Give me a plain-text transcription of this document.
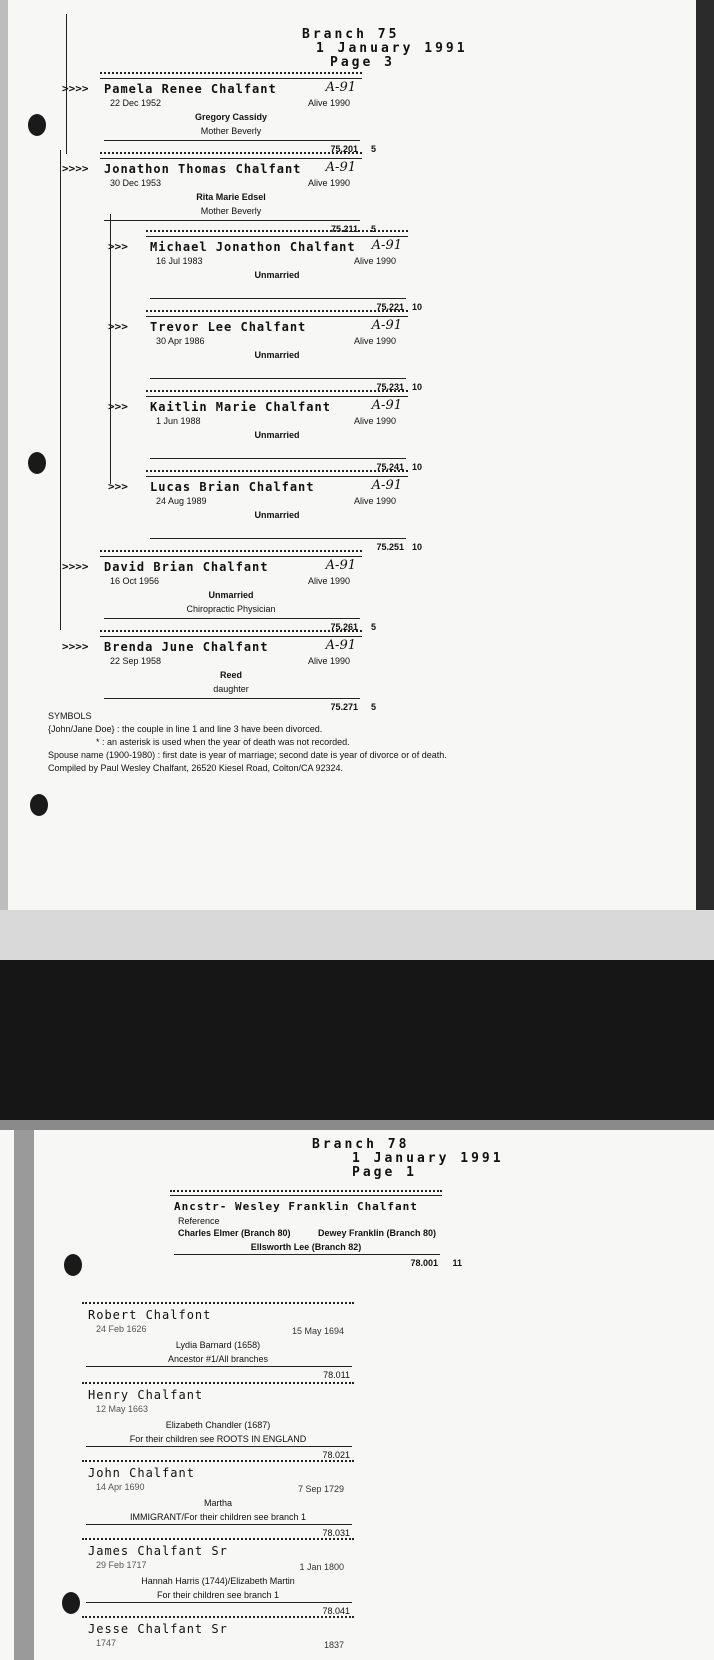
Branch 75
1 January 1991
Page 3
>>>> Pamela Renee Chalfant	A-91
22 Dec 1952	Alive 1990
Gregory Cassidy
Mother Beverly
75.201 5
>>>> Jonathon Thomas Chalfant A-91
30 Dec 1953	Alive 1990
Rita Marie Edsel
Mother Beverly
75.211 5
>>> Michael Jonathon Chalfant A-91
16 Jul 1983	Alive 1990
Unmarried
75.221 10
>>> Trevor Lee Chalfant	A-91
30 Apr 1986	Alive 1990
Unmarried
75.231 10
>>> Kaitlin Marie Chalfant	A-91
1 Jun 1988	Alive 1990
Unmarried
75.241 10
>>> Lucas Brian Chalfant	A-91
24 Aug 1989	Alive 1990
Unmarried
75.251 10
>>>> David Brian Chalfant	A-91
16 Oct 1956	Alive 1990
Unmarried
Chiropractic Physician
75.261 5
>>>> Brenda June Chalfant	A-91
22 Sep 1958	Alive 1990
Reed
daughter
75.271 5
SYMBOLS
{John/Jane Doe} : the couple in line 1 and line 3 have been divorced.
* : an asterisk is used when the year of death was not recorded.
Spouse name (1900-1980) : first date is year of marriage; second date is year of divorce or of death.
Compiled by Paul Wesley Chalfant, 26520 Kiesel Road, Colton/CA 92324.
Branch 78
1 January 1991
Page 1
Ancstr- Wesley Franklin Chalfant
Reference
Charles Elmer (Branch 80)	Dewey Franklin (Branch 80)
Ellsworth Lee (Branch 82)
78.001 11
Robert Chalfont
24 Feb 1626	15 May 1694
Lydia Barnard (1658)
Ancestor #1/All branches
78.011
Henry Chalfant
12 May 1663
Elizabeth Chandler (1687)
For their children see ROOTS IN ENGLAND
78.021
John Chalfant
14 Apr 1690	7 Sep 1729
Martha
IMMIGRANT/For their children see branch 1
78.031
James Chalfant Sr
29 Feb 1717	1 Jan 1800
Hannah Harris (1744)/Elizabeth Martin
For their children see branch 1
78.041
Jesse Chalfant Sr
1747	1837
